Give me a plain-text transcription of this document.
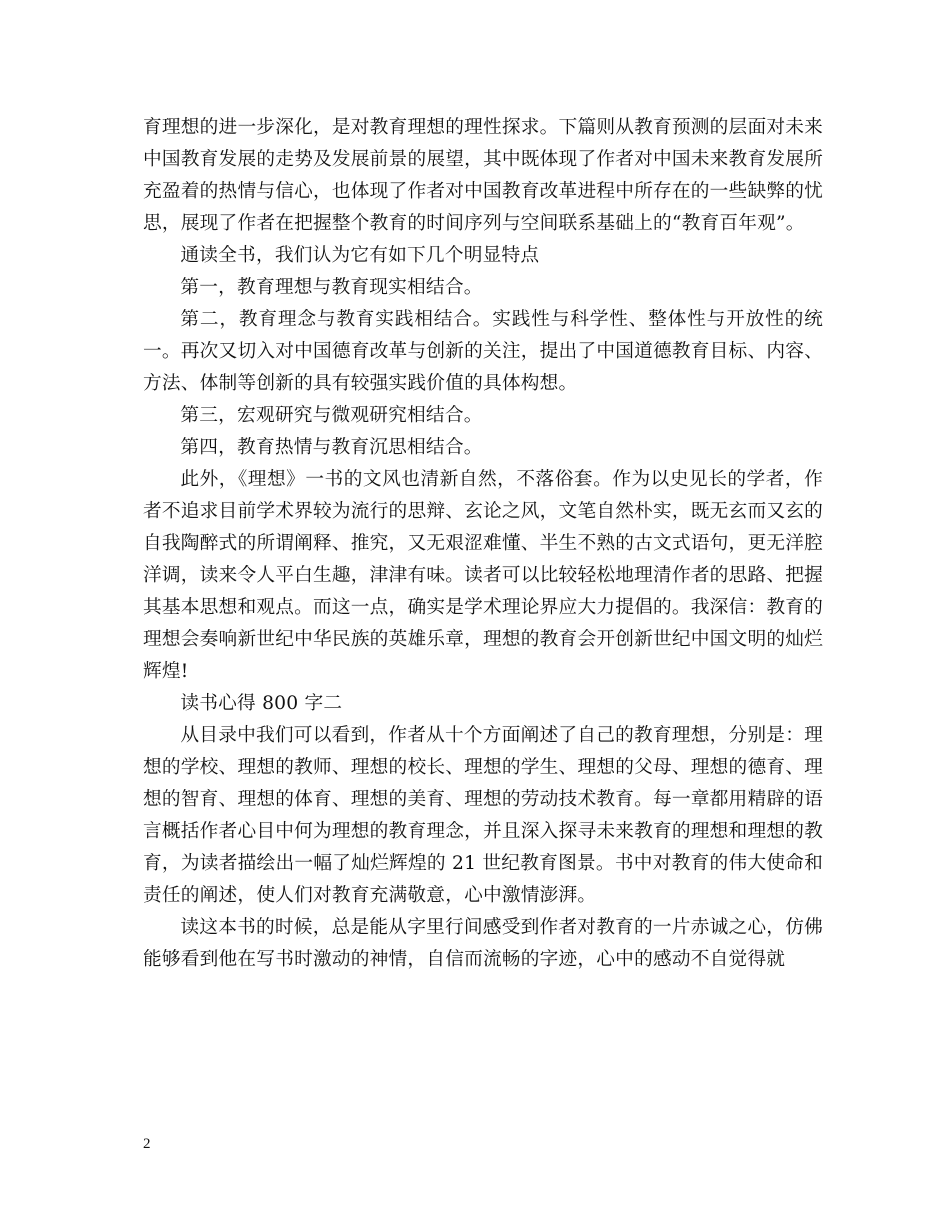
育理想的进一步深化，是对教育理想的理性探求。下篇则从教育预测的层面对未来中国教育发展的走势及发展前景的展望，其中既体现了作者对中国未来教育发展所充盈着的热情与信心，也体现了作者对中国教育改革进程中所存在的一些缺弊的忧思，展现了作者在把握整个教育的时间序列与空间联系基础上的“教育百年观”。

通读全书，我们认为它有如下几个明显特点

第一，教育理想与教育现实相结合。

第二，教育理念与教育实践相结合。实践性与科学性、整体性与开放性的统一。再次又切入对中国德育改革与创新的关注，提出了中国道德教育目标、内容、方法、体制等创新的具有较强实践价值的具体构想。

第三，宏观研究与微观研究相结合。

第四，教育热情与教育沉思相结合。

此外，《理想》一书的文风也清新自然，不落俗套。作为以史见长的学者，作者不追求目前学术界较为流行的思辩、玄论之风，文笔自然朴实，既无玄而又玄的自我陶醉式的所谓阐释、推究，又无艰涩难懂、半生不熟的古文式语句，更无洋腔洋调，读来令人平白生趣，津津有味。读者可以比较轻松地理清作者的思路、把握其基本思想和观点。而这一点，确实是学术理论界应大力提倡的。我深信：教育的理想会奏响新世纪中华民族的英雄乐章，理想的教育会开创新世纪中国文明的灿烂辉煌!

读书心得 800 字二

从目录中我们可以看到，作者从十个方面阐述了自己的教育理想，分别是：理想的学校、理想的教师、理想的校长、理想的学生、理想的父母、理想的德育、理想的智育、理想的体育、理想的美育、理想的劳动技术教育。每一章都用精辟的语言概括作者心目中何为理想的教育理念，并且深入探寻未来教育的理想和理想的教育，为读者描绘出一幅了灿烂辉煌的 21 世纪教育图景。书中对教育的伟大使命和责任的阐述，使人们对教育充满敬意，心中激情澎湃。

读这本书的时候，总是能从字里行间感受到作者对教育的一片赤诚之心，仿佛能够看到他在写书时激动的神情，自信而流畅的字迹，心中的感动不自觉得就

2
